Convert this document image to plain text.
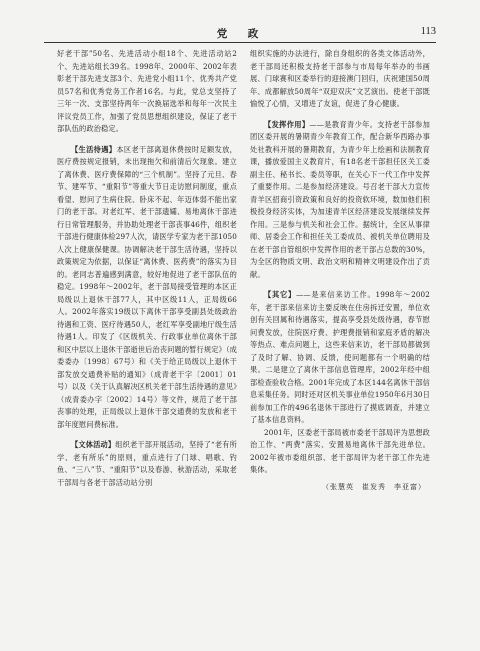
党　政	113

好老干部”50名、先进活动小组18个、先进活动站2个、先进站组长39名。1998年、2000年、2002年表彰老干部先进支部3个、先进党小组11个、优秀共产党员57名和优秀党务工作者16名。与此，党总支坚持了三年一次、支部坚持两年一次换届选举和每年一次民主评议党员工作，加强了党员思想组织建设，保证了老干部队伍的政治稳定。

【生活待遇】本区老干部离退休费按时足额发放，医疗费按规定报销，未出现拖欠和前清后欠现象。建立了离休费、医疗费保障的“三个机制”。坚持了元旦、春节、建军节、“重阳节”等重大节日走访慰问制度，重点看望、慰问了生病住院、卧床不起、年迈体弱不能出家门的老干部。对老红军、老干部遗孀、易地离休干部进行日常管理服务，并协助处理老干部丧事46件，组织老干部进行健康体检297人次，请医学专家为老干部1050人次上健康保健课。协调解决老干部生活待遇，坚持以政策规定为依据，以保证“离休费、医药费”的落实为目的。老同志普遍感到满意，较好地促进了老干部队伍的稳定。1998年～2002年，老干部局接受管理的本区正局级以上退休干部77人，其中区级11人，正局级66人。2002年落实19级以下离休干部享受副县处级政治待遇和工资、医疗待遇50人，老红军享受副地厅级生活待遇1人。印发了《区级机关、行政事业单位离休干部和区中层以上退休干部逝世后治丧问题的暂行规定》（成委委办〔1998〕67号）和《关于给正局级以上退休干部发放交通费补贴的通知》（成青老干字〔2001〕01号）以及《关于认真解决区机关老干部生活待遇的意见》（成青委办字〔2002〕14号）等文件，规范了老干部丧事的处理，正局级以上退休干部交通费的发放和老干部年度慰问费标准。

【文体活动】组织老干部开展活动，坚持了“老有所学、老有所乐”的原则，重点进行了门球、唱歌、钓鱼、“三八”节、“重阳节”以及春游、秋游活动，采取老干部局与各老干部活动站分别

组织实施的办法进行，除自身组织的各类文体活动外，老干部局还积极支持老干部参与市局每年举办的书画展、门球赛和区委举行的迎接澳门回归，庆祝建国50周年、成都解放50周年“双迎双庆”文艺演出。使老干部既愉悦了心情，又增进了友谊，促进了身心健康。

【发挥作用】——是教育青少年。支持老干部参加团区委开展的暑期青少年教育工作，配合新华西路办事处社教科开展的暑期教育，为青少年上绘画和法制教育课，播放爱国主义教育片，有18名老干部担任区关工委副主任、秘书长、委员等职，在关心下一代工作中发挥了重要作用。二是参加经济建设。号召老干部大力宣传青羊区招商引资政策和良好的投资软环境，数加他们积极投身经济实体，为加速青羊区经济建设发展继续发挥作用。三是参与机关和社会工作。据统计，全区从事律师、居委会工作和担任关工委成员、被机关单位聘用及在老干部自管组织中发挥作用的老干部占总数的30%，为全区的物质文明、政治文明和精神文明建设作出了贡献。

【其它】——是来信来访工作。1998年～2002年，老干部来信来访主要反映在住房拆迁安置，单位欢创有关回属和待遇落实，提高享受县处级待遇，春节慰问费发放，住院医疗费、护理费报销和家庭矛盾的解决等热点、难点问题上，这些来信来访，老干部局都做到了及时了解、协调、反馈，使问题都有一个明确的结果。二是建立了离休干部信息管理库，2002年经中组部检查验收合格。2001年完成了本区144名离休干部信息采集任务。同时还对区机关事业单位1950年6月30日前参加工作的496名退休干部进行了摸底调查，并建立了基本信息资料。

2001年，区委老干部局被市委老干部局评为思想政治工作、“两费”落实、安置易地离休干部先进单位。2002年被市委组织部、老干部局评为老干部工作先进集体。

（张慧英　崔发秀　李亚富）
